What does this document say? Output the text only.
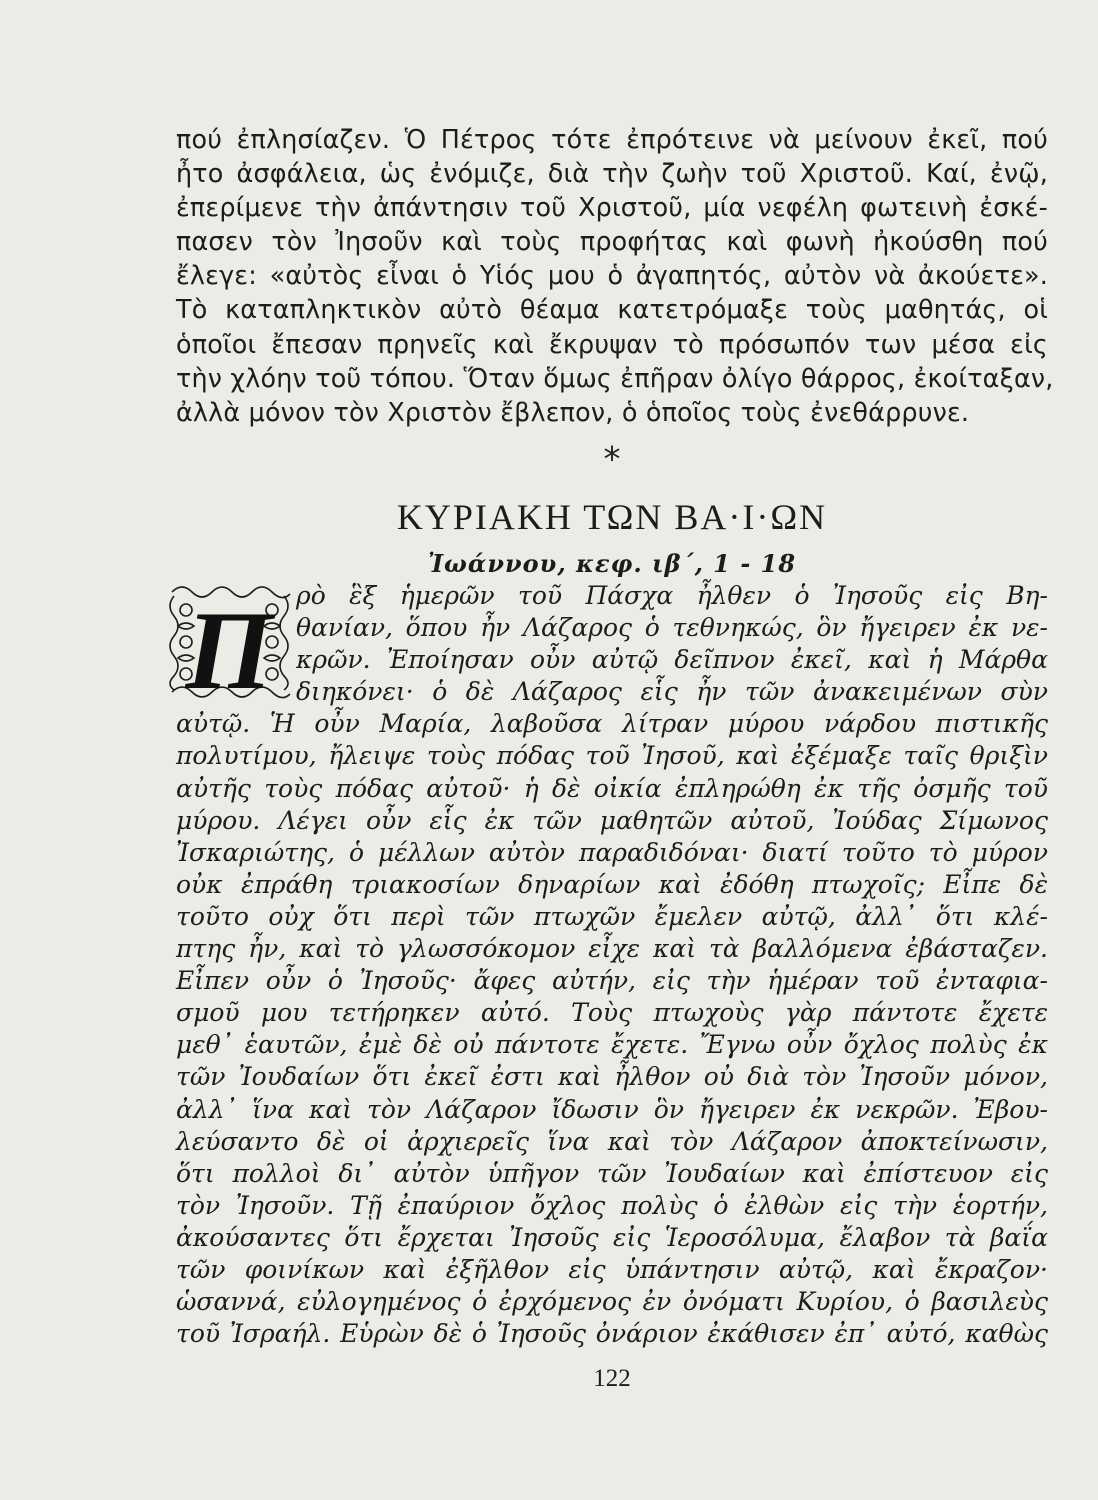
πού ἐπλησίαζεν. Ὁ Πέτρος τότε ἐπρότεινε νὰ μείνουν ἐκεῖ, πού
ἦτο ἀσφάλεια, ὡς ἐνόμιζε, διὰ τὴν ζωὴν τοῦ Χριστοῦ. Καί, ἐνῷ,
ἐπερίμενε τὴν ἀπάντησιν τοῦ Χριστοῦ, μία νεφέλη φωτεινὴ ἐσκέ-
πασεν τὸν Ἰησοῦν καὶ τοὺς προφήτας καὶ φωνὴ ἠκούσθη πού
ἔλεγε: «αὐτὸς εἶναι ὁ Υἱός μου ὁ ἀγαπητός, αὐτὸν νὰ ἀκούετε».
Τὸ καταπληκτικὸν αὐτὸ θέαμα κατετρόμαξε τοὺς μαθητάς, οἱ
ὁποῖοι ἔπεσαν πρηνεῖς καὶ ἔκρυψαν τὸ πρόσωπόν των μέσα εἰς
τὴν χλόην τοῦ τόπου. Ὅταν ὅμως ἐπῆραν ὀλίγο θάρρος, ἐκοίταξαν,
ἀλλὰ μόνον τὸν Χριστὸν ἔβλεπον, ὁ ὁποῖος τοὺς ἐνεθάρρυνε.
⁎
ΚΥΡΙΑΚΗ ΤΩΝ ΒΑ·Ι·ΩΝ
Ἰωάννου, κεφ. ιβ΄, 1 - 18
Π ρὸ ἓξ ἡμερῶν τοῦ Πάσχα ἦλθεν ὁ Ἰησοῦς εἰς Βη-
θανίαν, ὅπου ἦν Λάζαρος ὁ τεθνηκώς, ὃν ἤγειρεν ἐκ νε-
κρῶν. Ἐποίησαν οὖν αὐτῷ δεῖπνον ἐκεῖ, καὶ ἡ Μάρθα
διηκόνει· ὁ δὲ Λάζαρος εἷς ἦν τῶν ἀνακειμένων σὺν
αὐτῷ. Ἡ οὖν Μαρία, λαβοῦσα λίτραν μύρου νάρδου πιστικῆς
πολυτίμου, ἤλειψε τοὺς πόδας τοῦ Ἰησοῦ, καὶ ἐξέμαξε ταῖς θριξὶν
αὐτῆς τοὺς πόδας αὐτοῦ· ἡ δὲ οἰκία ἐπληρώθη ἐκ τῆς ὀσμῆς τοῦ
μύρου. Λέγει οὖν εἷς ἐκ τῶν μαθητῶν αὐτοῦ, Ἰούδας Σίμωνος
Ἰσκαριώτης, ὁ μέλλων αὐτὸν παραδιδόναι· διατί τοῦτο τὸ μύρον
οὐκ ἐπράθη τριακοσίων δηναρίων καὶ ἐδόθη πτωχοῖς; Εἶπε δὲ
τοῦτο οὐχ ὅτι περὶ τῶν πτωχῶν ἔμελεν αὐτῷ, ἀλλ᾽ ὅτι κλέ-
πτης ἦν, καὶ τὸ γλωσσόκομον εἶχε καὶ τὰ βαλλόμενα ἐβάσταζεν.
Εἶπεν οὖν ὁ Ἰησοῦς· ἄφες αὐτήν, εἰς τὴν ἡμέραν τοῦ ἐνταφια-
σμοῦ μου τετήρηκεν αὐτό. Τοὺς πτωχοὺς γὰρ πάντοτε ἔχετε
μεθ᾽ ἑαυτῶν, ἐμὲ δὲ οὐ πάντοτε ἔχετε. Ἔγνω οὖν ὄχλος πολὺς ἐκ
τῶν Ἰουδαίων ὅτι ἐκεῖ ἐστι καὶ ἦλθον οὐ διὰ τὸν Ἰησοῦν μόνον,
ἀλλ᾽ ἵνα καὶ τὸν Λάζαρον ἴδωσιν ὃν ἤγειρεν ἐκ νεκρῶν. Ἐβου-
λεύσαντο δὲ οἱ ἀρχιερεῖς ἵνα καὶ τὸν Λάζαρον ἀποκτείνωσιν,
ὅτι πολλοὶ δι᾽ αὐτὸν ὑπῆγον τῶν Ἰουδαίων καὶ ἐπίστευον εἰς
τὸν Ἰησοῦν. Τῇ ἐπαύριον ὄχλος πολὺς ὁ ἐλθὼν εἰς τὴν ἑορτήν,
ἀκούσαντες ὅτι ἔρχεται Ἰησοῦς εἰς Ἱεροσόλυμα, ἔλαβον τὰ βαΐα
τῶν φοινίκων καὶ ἐξῆλθον εἰς ὑπάντησιν αὐτῷ, καὶ ἔκραζον·
ὡσαννά, εὐλογημένος ὁ ἐρχόμενος ἐν ὀνόματι Κυρίου, ὁ βασιλεὺς
τοῦ Ἰσραήλ. Εὑρὼν δὲ ὁ Ἰησοῦς ὀνάριον ἐκάθισεν ἐπ᾽ αὐτό, καθὼς
122
